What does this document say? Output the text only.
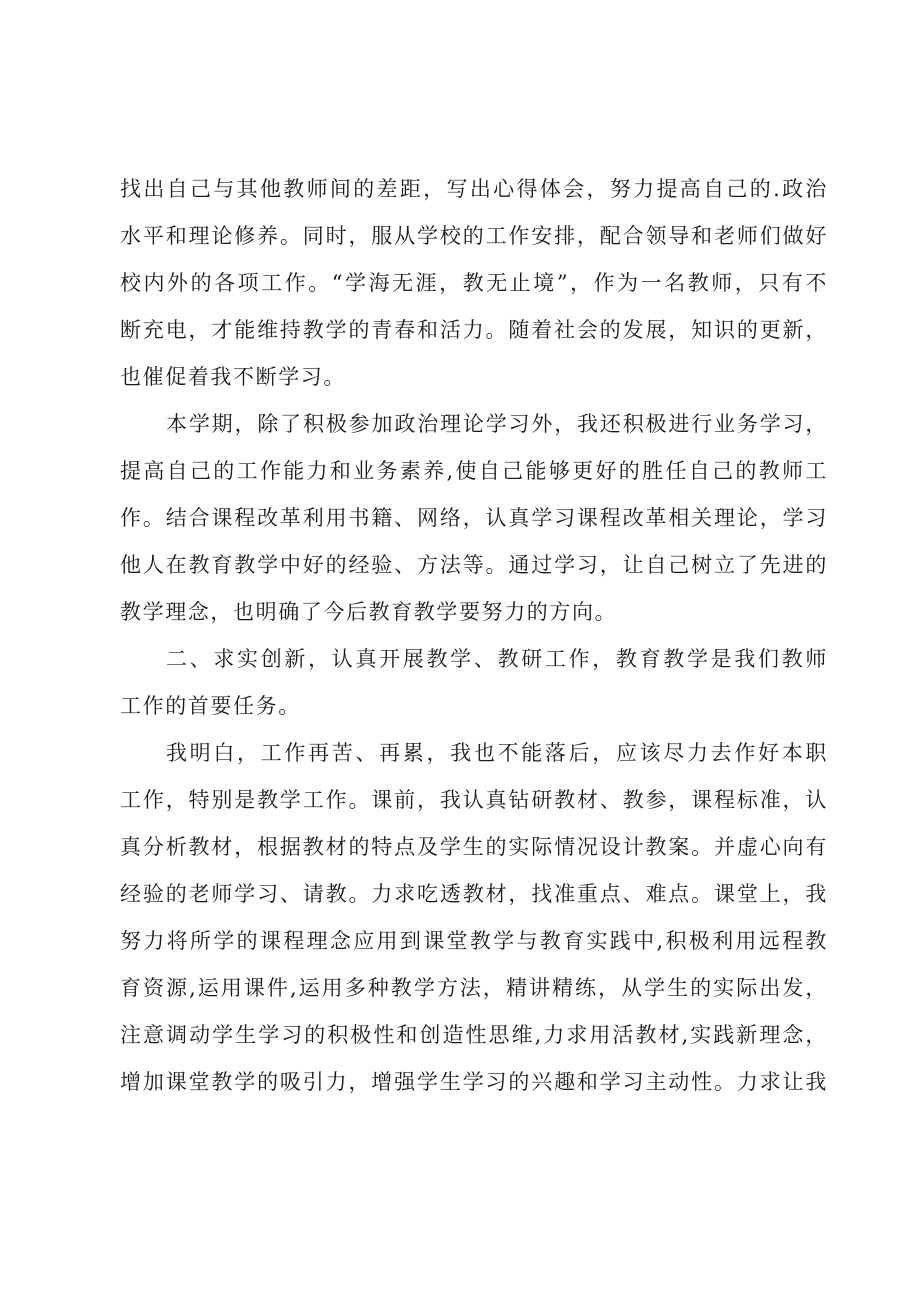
找出自己与其他教师间的差距，写出心得体会，努力提高自己的.政治
水平和理论修养。同时，服从学校的工作安排，配合领导和老师们做好
校内外的各项工作。“学海无涯，教无止境”，作为一名教师，只有不
断充电，才能维持教学的青春和活力。随着社会的发展，知识的更新，
也催促着我不断学习。
本学期，除了积极参加政治理论学习外，我还积极进行业务学习，
提高自己的工作能力和业务素养,使自己能够更好的胜任自己的教师工
作。结合课程改革利用书籍、网络，认真学习课程改革相关理论，学习
他人在教育教学中好的经验、方法等。通过学习，让自己树立了先进的
教学理念，也明确了今后教育教学要努力的方向。
二、求实创新，认真开展教学、教研工作，教育教学是我们教师
工作的首要任务。
我明白，工作再苦、再累，我也不能落后，应该尽力去作好本职
工作，特别是教学工作。课前，我认真钻研教材、教参，课程标准，认
真分析教材，根据教材的特点及学生的实际情况设计教案。并虚心向有
经验的老师学习、请教。力求吃透教材，找准重点、难点。课堂上，我
努力将所学的课程理念应用到课堂教学与教育实践中,积极利用远程教
育资源,运用课件,运用多种教学方法，精讲精练，从学生的实际出发，
注意调动学生学习的积极性和创造性思维,力求用活教材,实践新理念，
增加课堂教学的吸引力，增强学生学习的兴趣和学习主动性。力求让我
